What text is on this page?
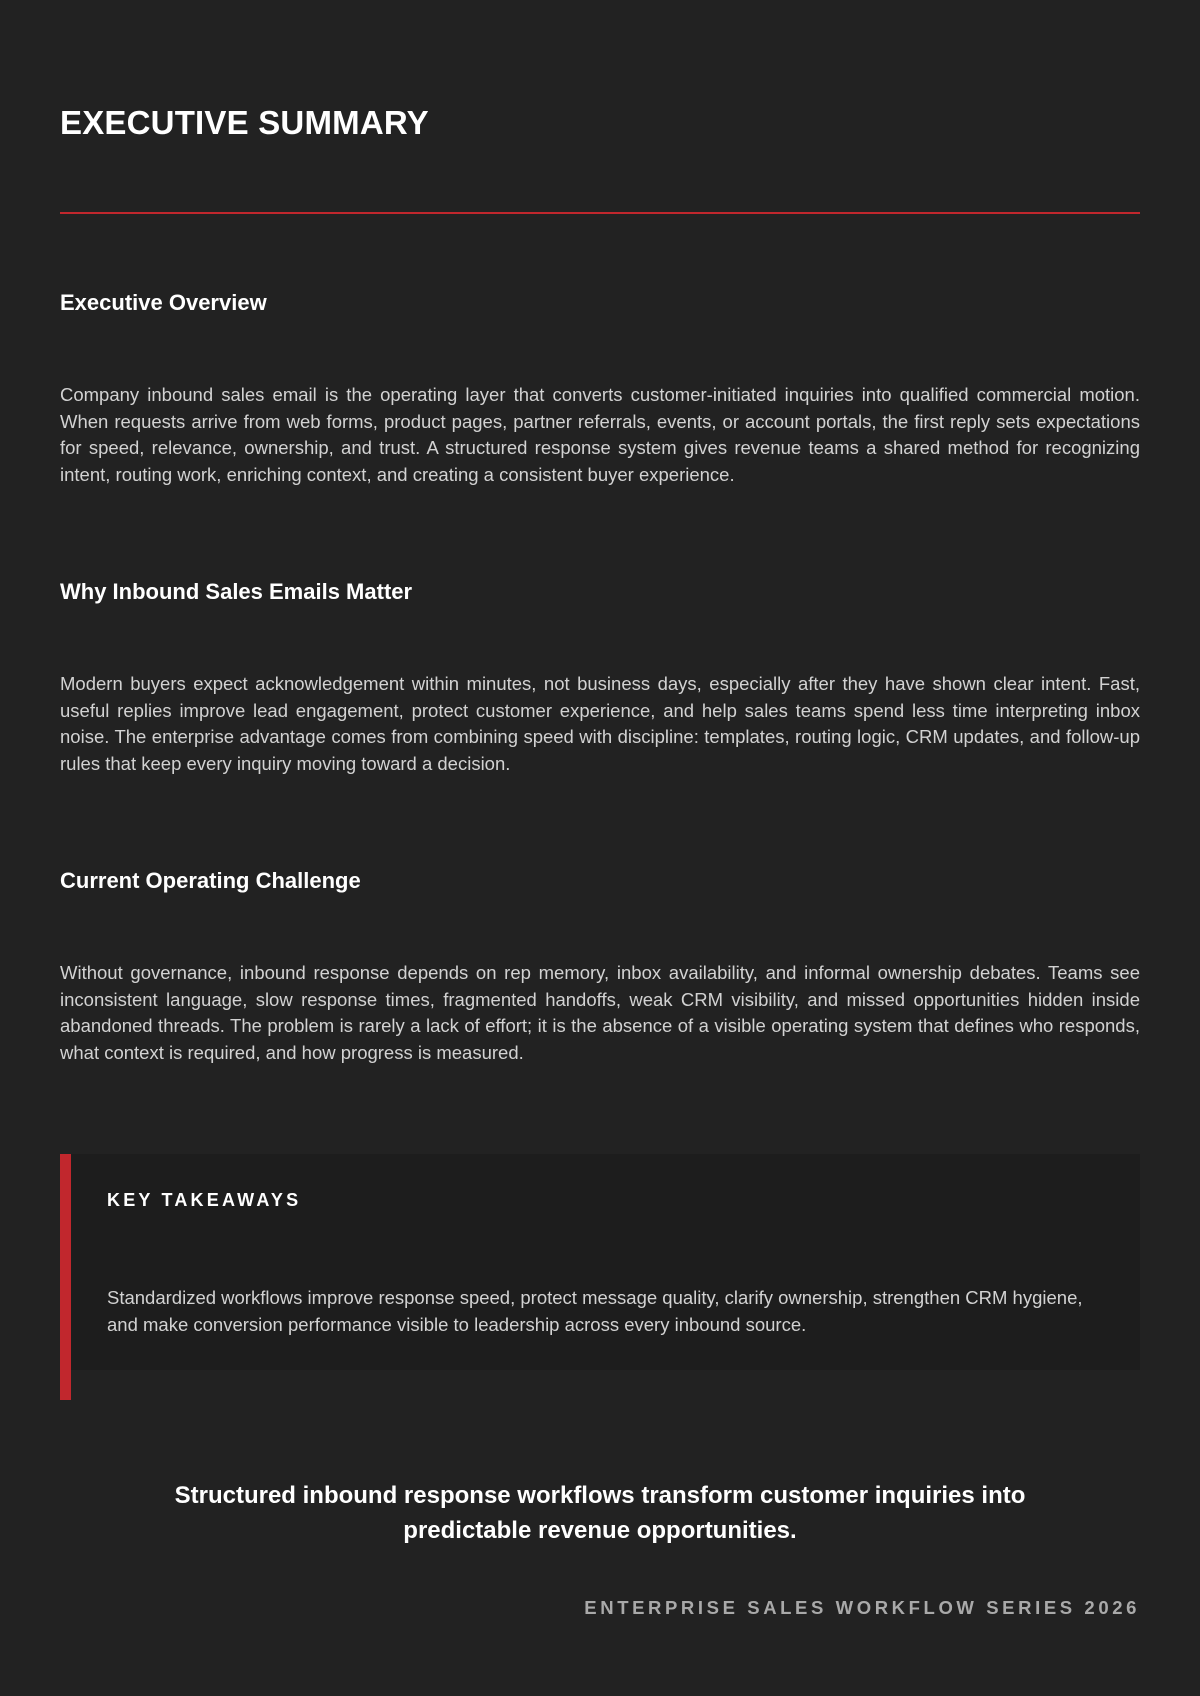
EXECUTIVE SUMMARY
Executive Overview

Company inbound sales email is the operating layer that converts customer-initiated inquiries into qualified commercial motion. When requests arrive from web forms, product pages, partner referrals, events, or account portals, the first reply sets expectations for speed, relevance, ownership, and trust. A structured response system gives revenue teams a shared method for recognizing intent, routing work, enriching context, and creating a consistent buyer experience.

Why Inbound Sales Emails Matter

Modern buyers expect acknowledgement within minutes, not business days, especially after they have shown clear intent. Fast, useful replies improve lead engagement, protect customer experience, and help sales teams spend less time interpreting inbox noise. The enterprise advantage comes from combining speed with discipline: templates, routing logic, CRM updates, and follow-up rules that keep every inquiry moving toward a decision.

Current Operating Challenge

Without governance, inbound response depends on rep memory, inbox availability, and informal ownership debates. Teams see inconsistent language, slow response times, fragmented handoffs, weak CRM visibility, and missed opportunities hidden inside abandoned threads. The problem is rarely a lack of effort; it is the absence of a visible operating system that defines who responds, what context is required, and how progress is measured.

KEY TAKEAWAYS

Standardized workflows improve response speed, protect message quality, clarify ownership, strengthen CRM hygiene, and make conversion performance visible to leadership across every inbound source.

Structured inbound response workflows transform customer inquiries into predictable revenue opportunities.

ENTERPRISE SALES WORKFLOW SERIES 2026
